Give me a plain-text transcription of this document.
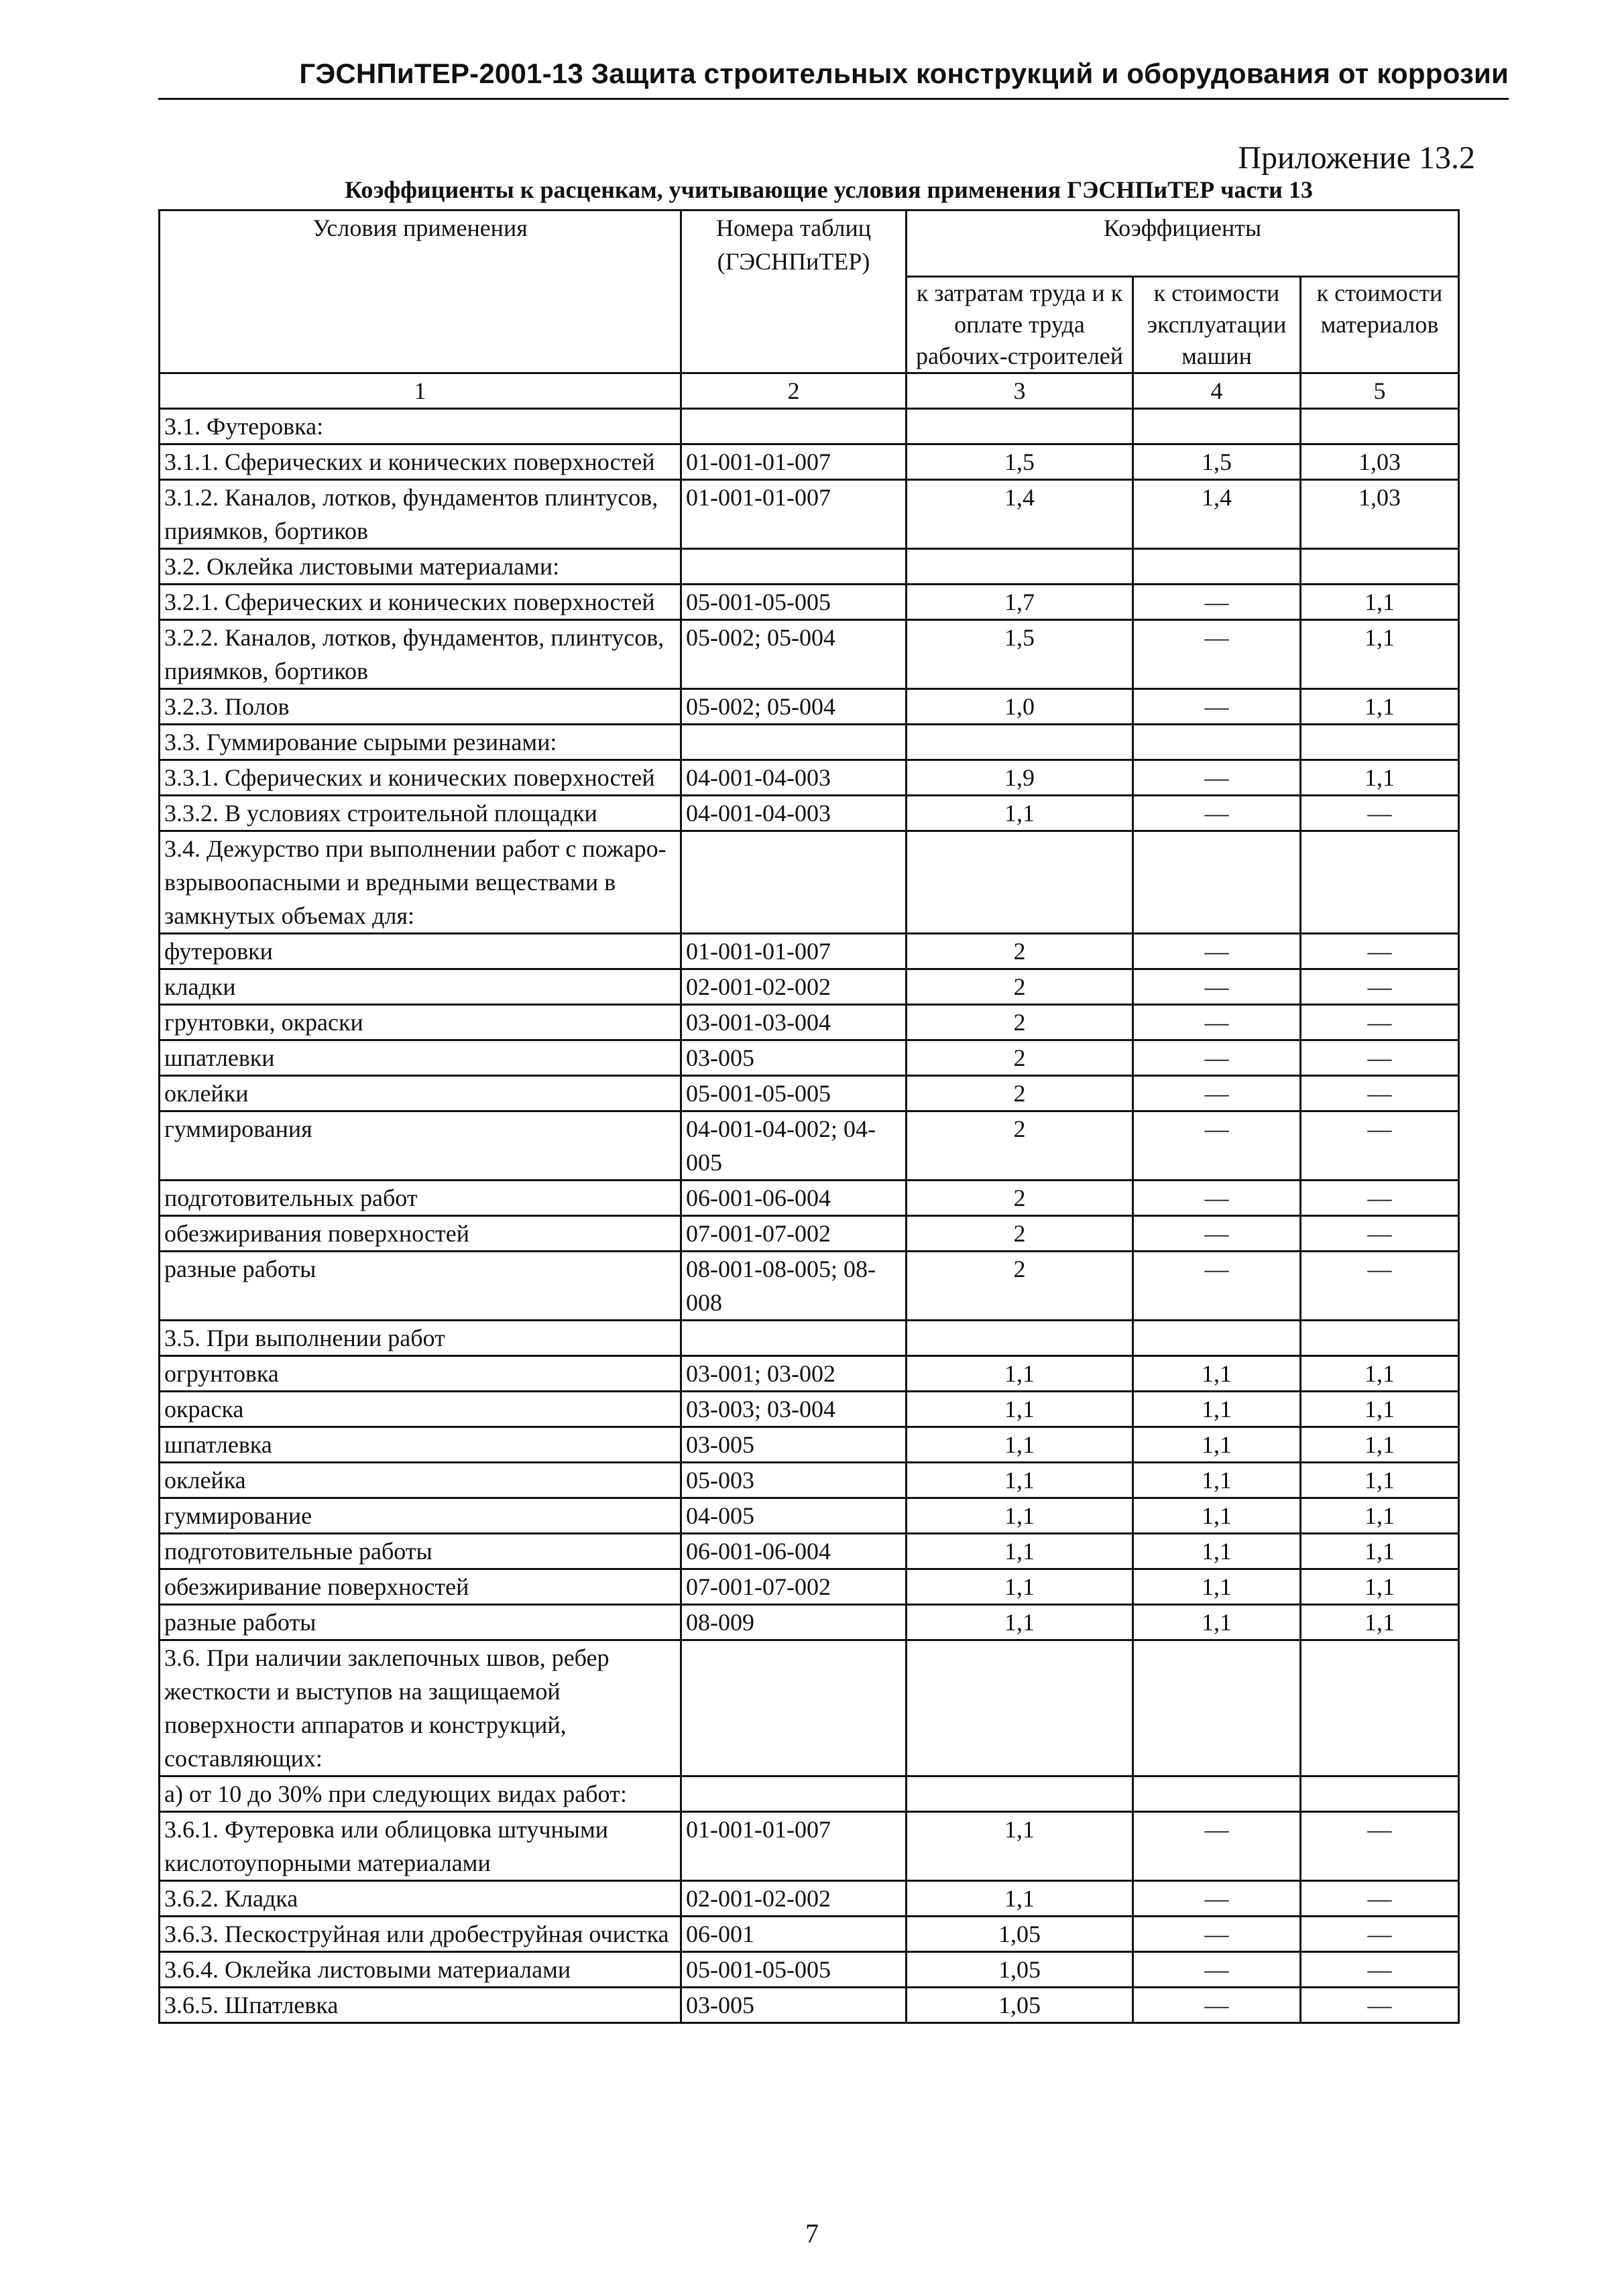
ГЭСНПиТЕР-2001-13 Защита строительных конструкций и оборудования от коррозии
Приложение 13.2
Коэффициенты к расценкам, учитывающие условия применения ГЭСНПиТЕР части 13
Условия применения	Номера таблиц (ГЭСНПиТЕР)	Коэффициенты		
		к затратам труда и к оплате труда рабочих-строителей	к стоимости эксплуатации машин	к стоимости материалов
1	2	3	4	5
3.1. Футеровка:				
3.1.1. Сферических и конических поверхностей	01-001-01-007	1,5	1,5	1,03
3.1.2. Каналов, лотков, фундаментов плинтусов, приямков, бортиков	01-001-01-007	1,4	1,4	1,03
3.2. Оклейка листовыми материалами:				
3.2.1. Сферических и конических поверхностей	05-001-05-005	1,7	—	1,1
3.2.2. Каналов, лотков, фундаментов, плинтусов, приямков, бортиков	05-002; 05-004	1,5	—	1,1
3.2.3. Полов	05-002; 05-004	1,0	—	1,1
3.3. Гуммирование сырыми резинами:				
3.3.1. Сферических и конических поверхностей	04-001-04-003	1,9	—	1,1
3.3.2. В условиях строительной площадки	04-001-04-003	1,1	—	—
3.4. Дежурство при выполнении работ с пожаро-взрывоопасными и вредными веществами в замкнутых объемах для:				
футеровки	01-001-01-007	2	—	—
кладки	02-001-02-002	2	—	—
грунтовки, окраски	03-001-03-004	2	—	—
шпатлевки	03-005	2	—	—
оклейки	05-001-05-005	2	—	—
гуммирования	04-001-04-002; 04-005	2	—	—
подготовительных работ	06-001-06-004	2	—	—
обезжиривания поверхностей	07-001-07-002	2	—	—
разные работы	08-001-08-005; 08-008	2	—	—
3.5. При выполнении работ				
огрунтовка	03-001; 03-002	1,1	1,1	1,1
окраска	03-003; 03-004	1,1	1,1	1,1
шпатлевка	03-005	1,1	1,1	1,1
оклейка	05-003	1,1	1,1	1,1
гуммирование	04-005	1,1	1,1	1,1
подготовительные работы	06-001-06-004	1,1	1,1	1,1
обезжиривание поверхностей	07-001-07-002	1,1	1,1	1,1
разные работы	08-009	1,1	1,1	1,1
3.6. При наличии заклепочных швов, ребер жесткости и выступов на защищаемой поверхности аппаратов и конструкций, составляющих:				
а) от 10 до 30% при следующих видах работ:				
3.6.1. Футеровка или облицовка штучными кислотоупорными материалами	01-001-01-007	1,1	—	—
3.6.2. Кладка	02-001-02-002	1,1	—	—
3.6.3. Пескоструйная или дробеструйная очистка	06-001	1,05	—	—
3.6.4. Оклейка листовыми материалами	05-001-05-005	1,05	—	—
3.6.5. Шпатлевка	03-005	1,05	—	—
7
